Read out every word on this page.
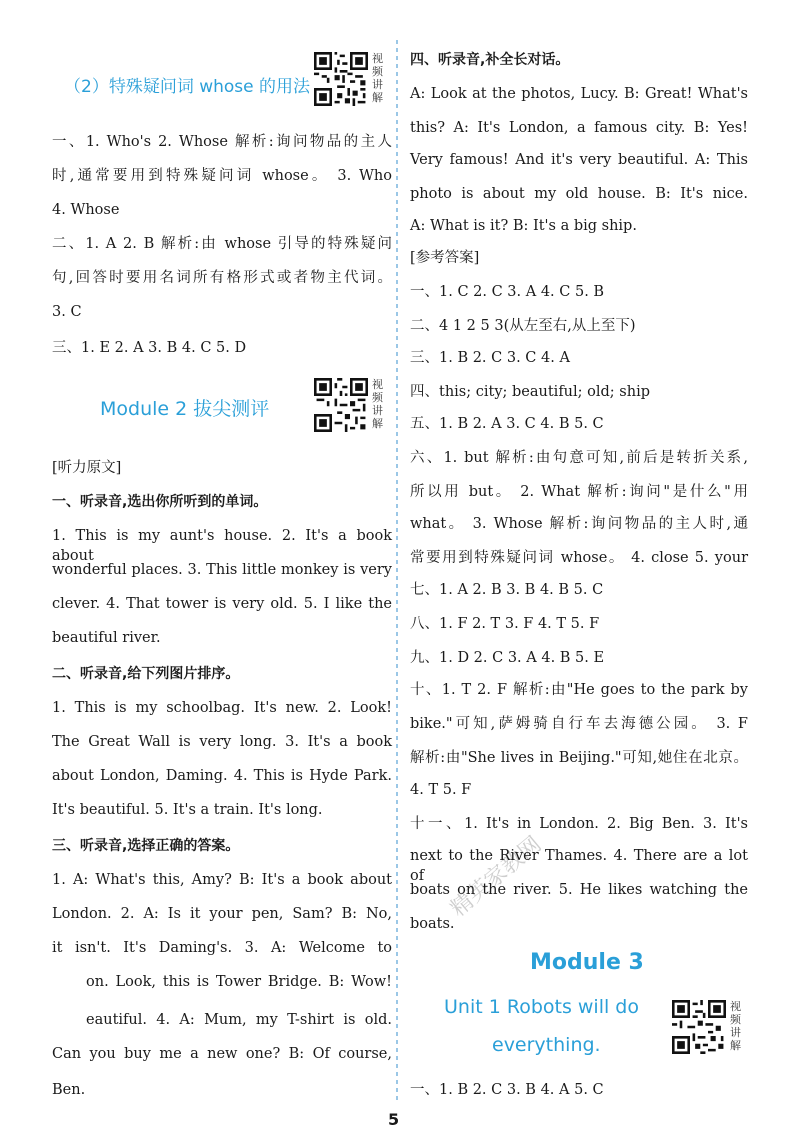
（2）特殊疑问词 whose 的用法
视频讲解
一、1. Who's 2. Whose 解析:询问物品的主人
时,通常要用到特殊疑问词 whose。 3. Who
4. Whose
二、1. A 2. B 解析:由 whose 引导的特殊疑问
句,回答时要用名词所有格形式或者物主代词。
3. C
三、1. E 2. A 3. B 4. C 5. D
Module 2 拔尖测评
视频讲解
[听力原文]
一、听录音,选出你所听到的单词。
1. This is my aunt's house. 2. It's a book about
wonderful places. 3. This little monkey is very
clever. 4. That tower is very old. 5. I like the
beautiful river.
二、听录音,给下列图片排序。
1. This is my schoolbag. It's new. 2. Look!
The Great Wall is very long. 3. It's a book
about London, Daming. 4. This is Hyde Park.
It's beautiful. 5. It's a train. It's long.
三、听录音,选择正确的答案。
1. A: What's this, Amy? B: It's a book about
London. 2. A: Is it your pen, Sam? B: No,
it isn't. It's Daming's. 3. A: Welcome to
on. Look, this is Tower Bridge. B: Wow!
eautiful. 4. A: Mum, my T-shirt is old.
Can you buy me a new one? B: Of course,
Ben.
四、听录音,补全长对话。
A: Look at the photos, Lucy. B: Great! What's
this? A: It's London, a famous city. B: Yes!
Very famous! And it's very beautiful. A: This
photo is about my old house. B: It's nice.
A: What is it? B: It's a big ship.
[参考答案]
一、1. C 2. C 3. A 4. C 5. B
二、4 1 2 5 3(从左至右,从上至下)
三、1. B 2. C 3. C 4. A
四、this; city; beautiful; old; ship
五、1. B 2. A 3. C 4. B 5. C
六、1. but 解析:由句意可知,前后是转折关系,
所以用 but。 2. What 解析:询问"是什么"用
what。 3. Whose 解析:询问物品的主人时,通
常要用到特殊疑问词 whose。 4. close 5. your
七、1. A 2. B 3. B 4. B 5. C
八、1. F 2. T 3. F 4. T 5. F
九、1. D 2. C 3. A 4. B 5. E
十、1. T 2. F 解析:由"He goes to the park by
bike."可知,萨姆骑自行车去海德公园。 3. F
解析:由"She lives in Beijing."可知,她住在北京。
4. T 5. F
十一、1. It's in London. 2. Big Ben. 3. It's
next to the River Thames. 4. There are a lot of
boats on the river. 5. He likes watching the
boats.
Module 3
Unit 1 Robots will do
everything.
视频讲解
一、1. B 2. C 3. B 4. A 5. C
精英家教网
5
